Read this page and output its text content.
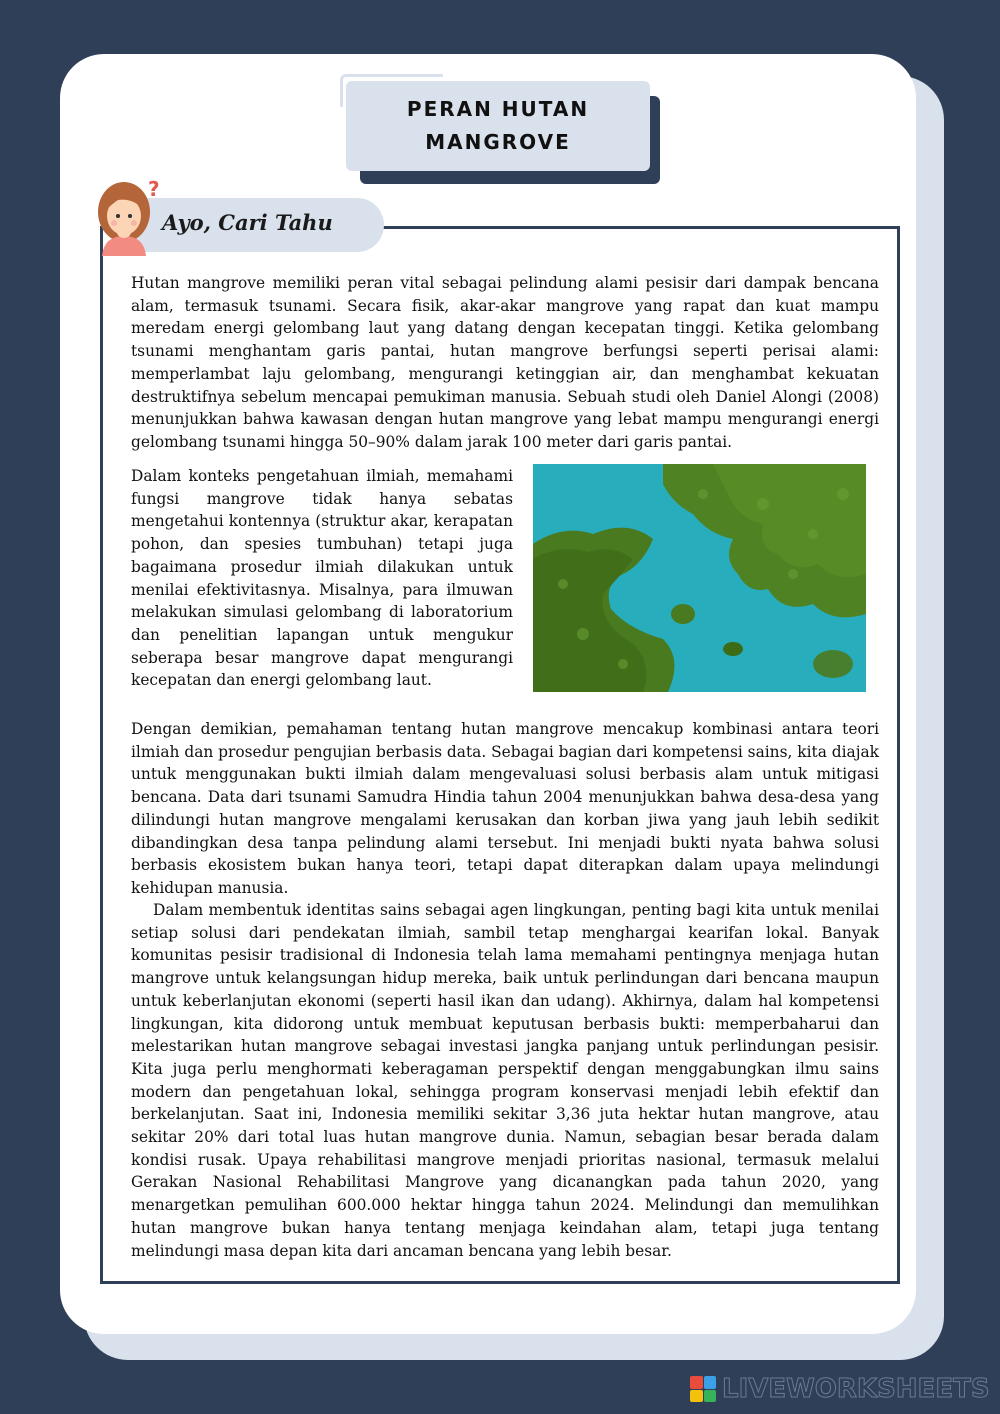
PERAN HUTAN MANGROVE
Ayo, Cari Tahu
?

Hutan mangrove memiliki peran vital sebagai pelindung alami pesisir dari dampak bencana alam, termasuk tsunami. Secara fisik, akar-akar mangrove yang rapat dan kuat mampu meredam energi gelombang laut yang datang dengan kecepatan tinggi. Ketika gelombang tsunami menghantam garis pantai, hutan mangrove berfungsi seperti perisai alami: memperlambat laju gelombang, mengurangi ketinggian air, dan menghambat kekuatan destruktifnya sebelum mencapai pemukiman manusia. Sebuah studi oleh Daniel Alongi (2008) menunjukkan bahwa kawasan dengan hutan mangrove yang lebat mampu mengurangi energi gelombang tsunami hingga 50–90% dalam jarak 100 meter dari garis pantai.

Dalam konteks pengetahuan ilmiah, memahami fungsi mangrove tidak hanya sebatas mengetahui kontennya (struktur akar, kerapatan pohon, dan spesies tumbuhan) tetapi juga bagaimana prosedur ilmiah dilakukan untuk menilai efektivitasnya. Misalnya, para ilmuwan melakukan simulasi gelombang di laboratorium dan penelitian lapangan untuk mengukur seberapa besar mangrove dapat mengurangi kecepatan dan energi gelombang laut.

Dengan demikian, pemahaman tentang hutan mangrove mencakup kombinasi antara teori ilmiah dan prosedur pengujian berbasis data. Sebagai bagian dari kompetensi sains, kita diajak untuk menggunakan bukti ilmiah dalam mengevaluasi solusi berbasis alam untuk mitigasi bencana. Data dari tsunami Samudra Hindia tahun 2004 menunjukkan bahwa desa-desa yang dilindungi hutan mangrove mengalami kerusakan dan korban jiwa yang jauh lebih sedikit dibandingkan desa tanpa pelindung alami tersebut. Ini menjadi bukti nyata bahwa solusi berbasis ekosistem bukan hanya teori, tetapi dapat diterapkan dalam upaya melindungi kehidupan manusia.

Dalam membentuk identitas sains sebagai agen lingkungan, penting bagi kita untuk menilai setiap solusi dari pendekatan ilmiah, sambil tetap menghargai kearifan lokal. Banyak komunitas pesisir tradisional di Indonesia telah lama memahami pentingnya menjaga hutan mangrove untuk kelangsungan hidup mereka, baik untuk perlindungan dari bencana maupun untuk keberlanjutan ekonomi (seperti hasil ikan dan udang). Akhirnya, dalam hal kompetensi lingkungan, kita didorong untuk membuat keputusan berbasis bukti: memperbaharui dan melestarikan hutan mangrove sebagai investasi jangka panjang untuk perlindungan pesisir. Kita juga perlu menghormati keberagaman perspektif dengan menggabungkan ilmu sains modern dan pengetahuan lokal, sehingga program konservasi menjadi lebih efektif dan berkelanjutan. Saat ini, Indonesia memiliki sekitar 3,36 juta hektar hutan mangrove, atau sekitar 20% dari total luas hutan mangrove dunia. Namun, sebagian besar berada dalam kondisi rusak. Upaya rehabilitasi mangrove menjadi prioritas nasional, termasuk melalui Gerakan Nasional Rehabilitasi Mangrove yang dicanangkan pada tahun 2020, yang menargetkan pemulihan 600.000 hektar hingga tahun 2024. Melindungi dan memulihkan hutan mangrove bukan hanya tentang menjaga keindahan alam, tetapi juga tentang melindungi masa depan kita dari ancaman bencana yang lebih besar.

LIVEWORKSHEETS
